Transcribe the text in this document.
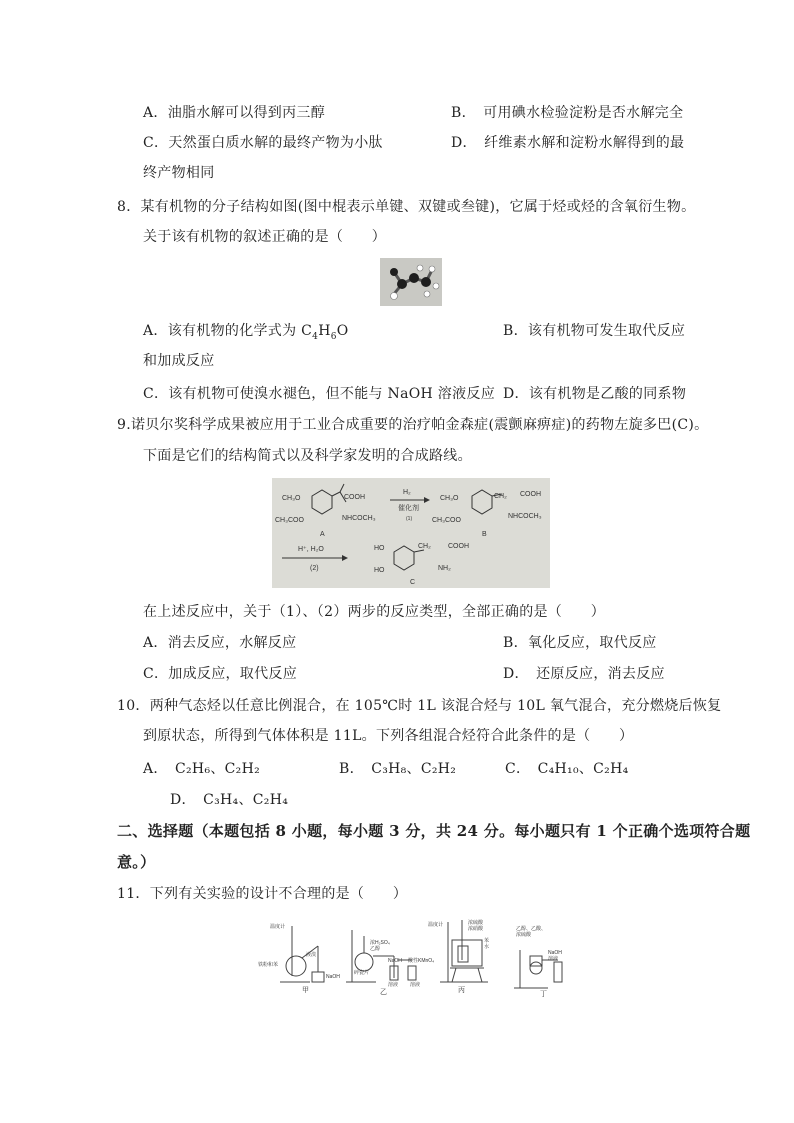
A．油脂水解可以得到丙三醇	B．　可用碘水检验淀粉是否水解完全
C．天然蛋白质水解的最终产物为小肽	D．　纤维素水解和淀粉水解得到的最
终产物相同
8．某有机物的分子结构如图(图中棍表示单键、双键或叁键)，它属于烃或烃的含氧衍生物。
关于该有机物的叙述正确的是（　　）
A．该有机物的化学式为 $C_4H_6O$	B．该有机物可发生取代反应
和加成反应
C．该有机物可使溴水褪色，但不能与 NaOH 溶液反应 D．该有机物是乙酸的同系物
9.诺贝尔奖科学成果被应用于工业合成重要的治疗帕金森症(震颤麻痹症)的药物左旋多巴(C)。
下面是它们的结构简式以及科学家发明的合成路线。
CH₃O
CH₃COO
COOH
NHCOCH₃
A
H₂
催化剂
(1)
CH₃O
CH₃COO
CH₂ COOH
NHCOCH₃
B
H⁺, H₂O
(2)
HO
HO
CH₂ COOH
NH₂
C
在上述反应中，关于（1）、（2）两步的反应类型，全部正确的是（　　）
A．消去反应，水解反应	B．氧化反应，取代反应
C．加成反应，取代反应	D．　还原反应，消去反应
10．两种气态烃以任意比例混合，在 105℃时 1L 该混合烃与 10L 氧气混合，充分燃烧后恢复
到原状态，所得到气体体积是 11L。下列各组混合烃符合此条件的是（　　）
A．　C₂H₆、C₂H₂	B．　C₃H₈、C₂H₂	C．　C₄H₁₀、C₂H₄
D．　C₃H₄、C₂H₄
二、选择题（本题包括 8 小题，每小题 3 分，共 24 分。每小题只有 1 个正确个选项符合题
意。）
11．下列有关实验的设计不合理的是（　　）
温度计
铁粉和苯
液溴
NaOH
甲
浓H₂SO₄
乙醇
碎瓷片
NaOH
溶液
酸性KMnO₄
溶液
乙
温度计	浓硫酸
浓硝酸
苯
水
丙
乙醇、乙酸、
浓硫酸
NaOH
溶液
丁
